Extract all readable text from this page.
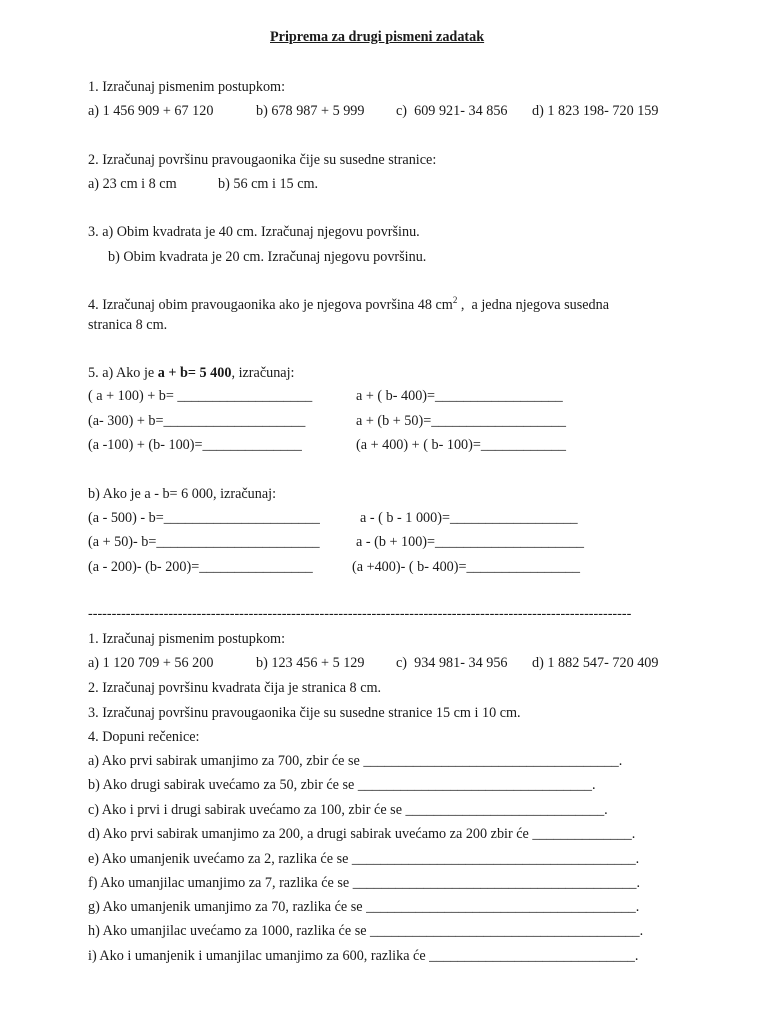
Priprema za drugi pismeni zadatak
1. Izračunaj pismenim postupkom:
a) 1 456 909 + 67 120	b) 678 987 + 5 999 c)  609 921- 34 856 d) 1 823 198- 720 159
2. Izračunaj površinu pravougaonika čije su susedne stranice:
a) 23 cm i 8 cm	b) 56 cm i 15 cm.
3. a) Obim kvadrata je 40 cm. Izračunaj njegovu površinu.
b) Obim kvadrata je 20 cm. Izračunaj njegovu površinu.
4. Izračunaj obim pravougaonika ako je njegova površina 48 $cm^2$ ,  a jedna njegova susedna
stranica 8 cm.
5. a) Ako je a + b= 5 400, izračunaj:
( a + 100) + b= ___________________	a + ( b- 400)=__________________
(a- 300) + b=____________________	a + (b + 50)=___________________
(a -100) + (b- 100)=______________	(a + 400) + ( b- 100)=____________
b) Ako je a - b= 6 000, izračunaj:
(a - 500) - b=______________________	a - ( b - 1 000)=__________________
(a + 50)- b=_______________________	a - (b + 100)=_____________________
(a - 200)- (b- 200)=________________	(a +400)- ( b- 400)=________________
-------------------------------------------------------------------------------------------------------------------
1. Izračunaj pismenim postupkom:
a) 1 120 709 + 56 200	b) 123 456 + 5 129 c)  934 981- 34 956 d) 1 882 547- 720 409
2. Izračunaj površinu kvadrata čija je stranica 8 cm.
3. Izračunaj površinu pravougaonika čije su susedne stranice 15 cm i 10 cm.
4. Dopuni rečenice:
a) Ako prvi sabirak umanjimo za 700, zbir će se ____________________________________.
b) Ako drugi sabirak uvećamo za 50, zbir će se _________________________________.
c) Ako i prvi i drugi sabirak uvećamo za 100, zbir će se ____________________________.
d) Ako prvi sabirak umanjimo za 200, a drugi sabirak uvećamo za 200 zbir će ______________.
e) Ako umanjenik uvećamo za 2, razlika će se ________________________________________.
f) Ako umanjilac umanjimo za 7, razlika će se ________________________________________.
g) Ako umanjenik umanjimo za 70, razlika će se ______________________________________.
h) Ako umanjilac uvećamo za 1000, razlika će se ______________________________________.
i) Ako i umanjenik i umanjilac umanjimo za 600, razlika će _____________________________.
